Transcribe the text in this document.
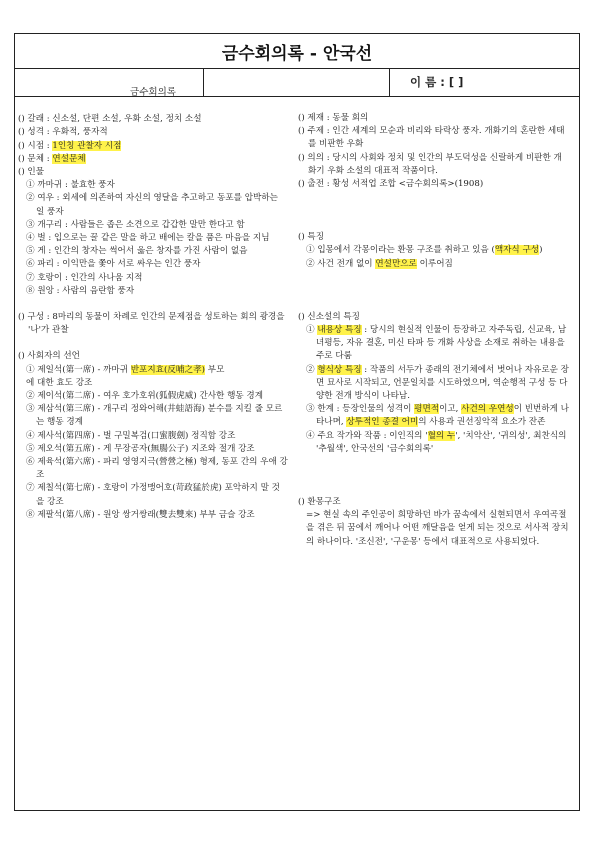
금수회의록 - 안국선
이 름 : [ ]

금수회의록

() 갈래 : 신소설, 단편 소설, 우화 소설, 정치 소설

() 성격 : 우화적, 풍자적

() 시점 : 1인칭 관찰자 시점

() 문체 : 연설문체

() 인물

① 까마귀 : 불효한 풍자

② 여우 : 외세에 의존하여 자신의 영달을 추고하고 동포를 압박하는 일 풍자

③ 개구리 : 사람들은 좁은 소견으로 갑갑한 말만 한다고 함

④ 벌 : 입으로는 꿀 같은 말을 하고 배에는 칼을 품은 마음을 지님

⑤ 게 : 인간의 창자는 썩어서 옳은 창자를 가진 사람이 없음

⑥ 파리 : 이익만을 쫓아 서로 싸우는 인간 풍자

⑦ 호랑이 : 인간의 사나움 지적

⑧ 원앙 : 사람의 음란함 풍자

() 구성 : 8마리의 동물이 차례로 인간의 문제점을 성토하는 회의 광경을 '나'가 관찰

() 사회자의 선언

① 제일석(第一席) - 까마귀 반포지효(反哺之孝) 부모

에 대한 효도 강조

② 제이석(第二席) - 여우 호가호위(狐假虎威) 간사한 행동 경계

③ 제삼석(第三席) - 개구리 정와어해(井蛙語海) 분수를 지킬 줄 모르는 행동 경계

④ 제사석(第四席) - 벌 구밀복검(口蜜腹劍) 정직함 강조

⑤ 제오석(第五席) - 게 무장공자(無腸公子) 지조와 절개 강조

⑥ 제육석(第六席) - 파리 영영지극(營營之極) 형제, 동포 간의 우애 강조

⑦ 제칠석(第七席) - 호랑이 가정맹어호(苛政猛於虎) 포악하지 말 것을 강조

⑧ 제팔석(第八席) - 원앙 쌍거쌍래(雙去雙來) 부부 금슬 강조

() 제재 : 동물 회의

() 주제 : 인간 세계의 모순과 비리와 타락상 풍자. 개화기의 혼란한 세태를 비판한 우화

() 의의 : 당시의 사회와 정치 및 인간의 부도덕성을 신랄하게 비판한 개화기 우화 소설의 대표적 작품이다.

() 출전 : 황성 서적업 조합 <금수회의록>(1908)

() 특징

① 입몽에서 각몽이라는 환몽 구조를 취하고 있음 (액자식 구성)

② 사건 전개 없이 연설만으로 이루어짐

() 신소설의 특징

① 내용상 특징 : 당시의 현실적 인물이 등장하고 자주독립, 신교육, 남녀평등, 자유 결혼, 미신 타파 등 개화 사상을 소재로 취하는 내용을 주로 다룸

② 형식상 특징 : 작품의 서두가 종래의 전기체에서 벗어나 자유로운 장면 묘사로 시작되고, 언문일치를 시도하였으며, 역순행적 구성 등 다양한 전개 방식이 나타남.

③ 한계 : 등장인물의 성격이 평면적이고, 사건의 우연성이 빈번하게 나타나며, 상투적인 종결 어미의 사용과 권선징악적 요소가 잔존

④ 주요 작가와 작품 : 이인직의 '혈의 누', '치악산', '귀의성', 최찬식의 '추월색', 안국선의 '금수회의록'

() 환몽구조

=> 현실 속의 주인공이 희망하던 바가 꿈속에서 실현되면서 우여곡절을 겪은 뒤 꿈에서 깨어나 어떤 깨달음을 얻게 되는 것으로 서사적 장치의 하나이다. '조신전', '구운몽' 등에서 대표적으로 사용되었다.
